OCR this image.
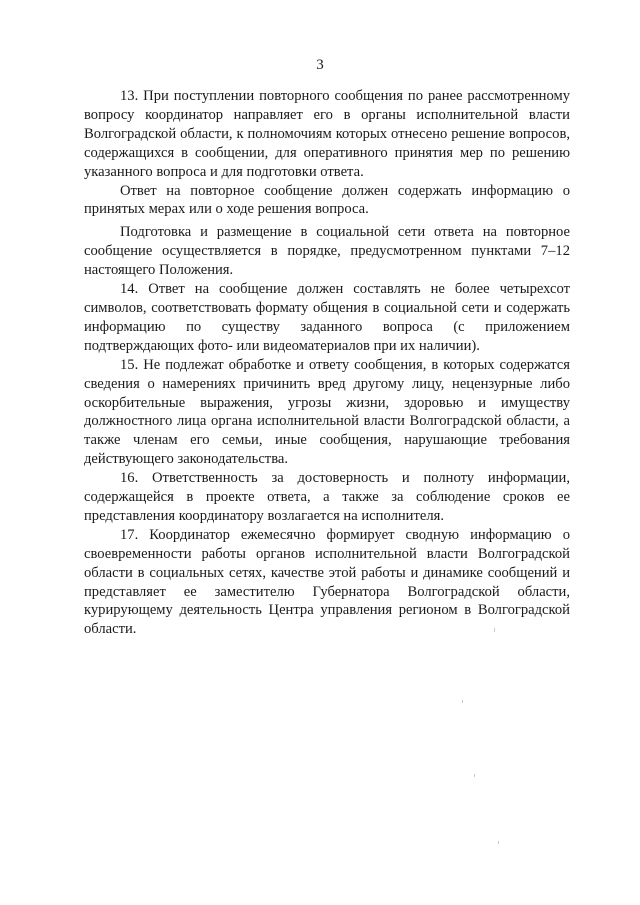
3

13. При поступлении повторного сообщения по ранее рассмотренному вопросу координатор направляет его в органы исполнительной власти Волгоградской области, к полномочиям которых отнесено решение вопросов, содержащихся в сообщении, для оперативного принятия мер по решению указанного вопроса и для подготовки ответа.

Ответ на повторное сообщение должен содержать информацию о принятых мерах или о ходе решения вопроса.

Подготовка и размещение в социальной сети ответа на повторное сообщение осуществляется в порядке, предусмотренном пунктами 7–12 настоящего Положения.

14. Ответ на сообщение должен составлять не более четырехсот символов, соответствовать формату общения в социальной сети и содержать информацию по существу заданного вопроса (с приложением подтверждающих фото- или видеоматериалов при их наличии).

15. Не подлежат обработке и ответу сообщения, в которых содержатся сведения о намерениях причинить вред другому лицу, нецензурные либо оскорбительные выражения, угрозы жизни, здоровью и имуществу должностного лица органа исполнительной власти Волгоградской области, а также членам его семьи, иные сообщения, нарушающие требования действующего законодательства.

16. Ответственность за достоверность и полноту информации, содержащейся в проекте ответа, а также за соблюдение сроков ее представления координатору возлагается на исполнителя.

17. Координатор ежемесячно формирует сводную информацию о своевременности работы органов исполнительной власти Волгоградской области в социальных сетях, качестве этой работы и динамике сообщений и представляет ее заместителю Губернатора Волгоградской области, курирующему деятельность Центра управления регионом в Волгоградской области.
